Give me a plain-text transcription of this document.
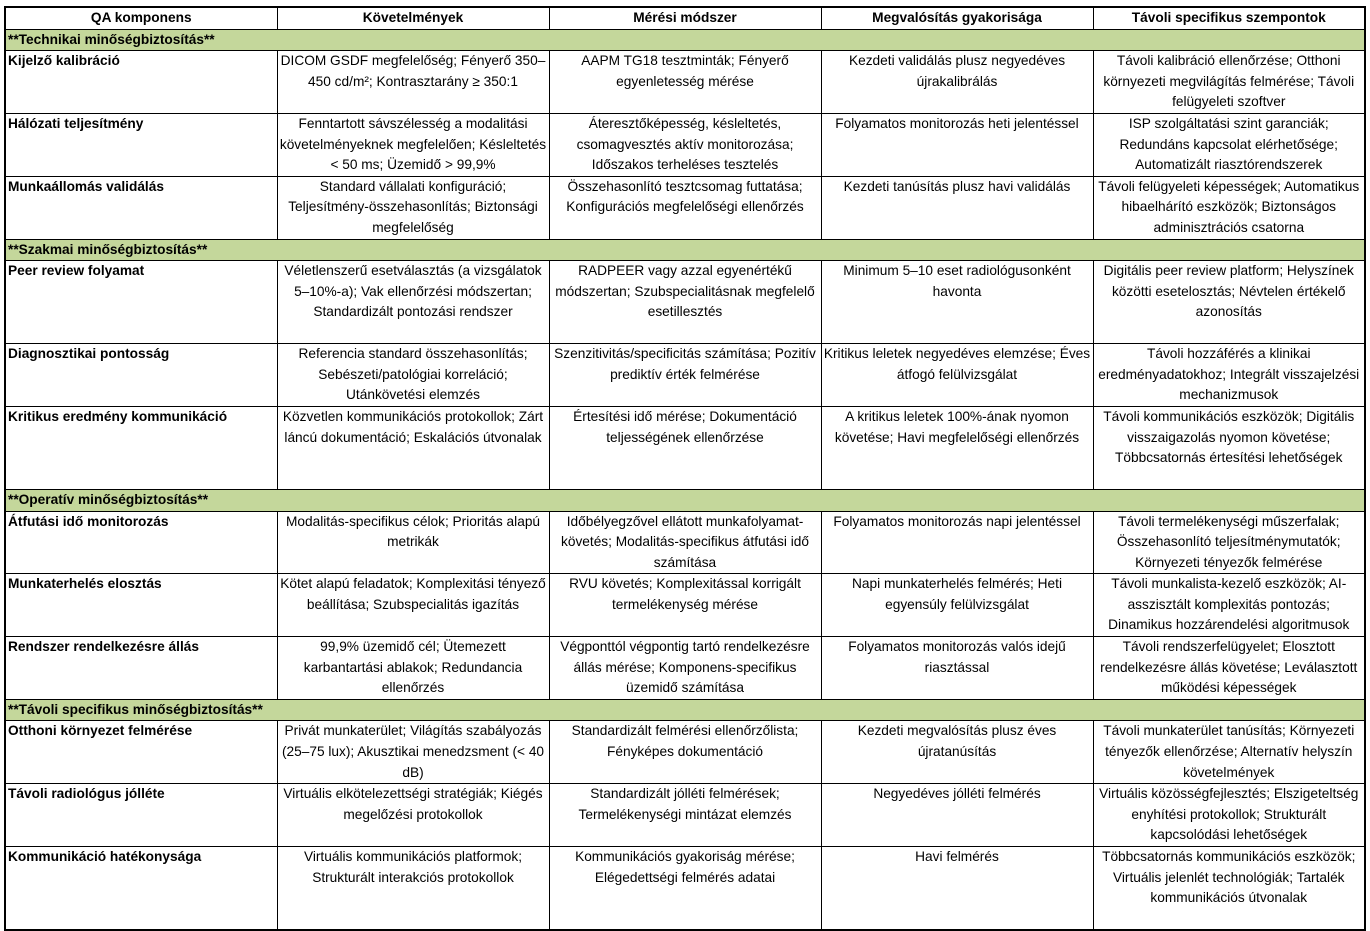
QA komponens	Követelmények	Mérési módszer	Megvalósítás gyakorisága	Távoli specifikus szempontok
**Technikai minőségbiztosítás**				
Kijelző kalibráció	DICOM GSDF megfelelőség; Fényerő 350–450 cd/m²; Kontrasztarány ≥ 350:1	AAPM TG18 tesztminták; Fényerő egyenletesség mérése	Kezdeti validálás plusz negyedéves újrakalibrálás	Távoli kalibráció ellenőrzése; Otthoni környezeti megvilágítás felmérése; Távoli felügyeleti szoftver
Hálózati teljesítmény	Fenntartott sávszélesség a modalitási követelményeknek megfelelően; Késleltetés < 50 ms; Üzemidő > 99,9%	Áteresztőképesség, késleltetés, csomagvesztés aktív monitorozása; Időszakos terheléses tesztelés	Folyamatos monitorozás heti jelentéssel	ISP szolgáltatási szint garanciák; Redundáns kapcsolat elérhetősége; Automatizált riasztórendszerek
Munkaállomás validálás	Standard vállalati konfiguráció; Teljesítmény-összehasonlítás; Biztonsági megfelelőség	Összehasonlító tesztcsomag futtatása; Konfigurációs megfelelőségi ellenőrzés	Kezdeti tanúsítás plusz havi validálás	Távoli felügyeleti képességek; Automatikus hibaelhárító eszközök; Biztonságos adminisztrációs csatorna
**Szakmai minőségbiztosítás**				
Peer review folyamat	Véletlenszerű esetválasztás (a vizsgálatok 5–10%-a); Vak ellenőrzési módszertan; Standardizált pontozási rendszer	RADPEER vagy azzal egyenértékű módszertan; Szubspecialitásnak megfelelő esetillesztés	Minimum 5–10 eset radiológusonként havonta	Digitális peer review platform; Helyszínek közötti esetelosztás; Névtelen értékelő azonosítás
Diagnosztikai pontosság	Referencia standard összehasonlítás; Sebészeti/patológiai korreláció; Utánkövetési elemzés	Szenzitivitás/specificitás számítása; Pozitív prediktív érték felmérése	Kritikus leletek negyedéves elemzése; Éves átfogó felülvizsgálat	Távoli hozzáférés a klinikai eredményadatokhoz; Integrált visszajelzési mechanizmusok
Kritikus eredmény kommunikáció	Közvetlen kommunikációs protokollok; Zárt láncú dokumentáció; Eskalációs útvonalak	Értesítési idő mérése; Dokumentáció teljességének ellenőrzése	A kritikus leletek 100%-ának nyomon követése; Havi megfelelőségi ellenőrzés	Távoli kommunikációs eszközök; Digitális visszaigazolás nyomon követése; Többcsatornás értesítési lehetőségek
**Operatív minőségbiztosítás**				
Átfutási idő monitorozás	Modalitás-specifikus célok; Prioritás alapú metrikák	Időbélyegzővel ellátott munkafolyamat-követés; Modalitás-specifikus átfutási idő számítása	Folyamatos monitorozás napi jelentéssel	Távoli termelékenységi műszerfalak; Összehasonlító teljesítménymutatók; Környezeti tényezők felmérése
Munkaterhelés elosztás	Kötet alapú feladatok; Komplexitási tényező beállítása; Szubspecialitás igazítás	RVU követés; Komplexitással korrigált termelékenység mérése	Napi munkaterhelés felmérés; Heti egyensúly felülvizsgálat	Távoli munkalista-kezelő eszközök; AI-asszisztált komplexitás pontozás; Dinamikus hozzárendelési algoritmusok
Rendszer rendelkezésre állás	99,9% üzemidő cél; Ütemezett karbantartási ablakok; Redundancia ellenőrzés	Végponttól végpontig tartó rendelkezésre állás mérése; Komponens-specifikus üzemidő számítása	Folyamatos monitorozás valós idejű riasztással	Távoli rendszerfelügyelet; Elosztott rendelkezésre állás követése; Leválasztott működési képességek
**Távoli specifikus minőségbiztosítás**				
Otthoni környezet felmérése	Privát munkaterület; Világítás szabályozás (25–75 lux); Akusztikai menedzsment (< 40 dB)	Standardizált felmérési ellenőrzőlista; Fényképes dokumentáció	Kezdeti megvalósítás plusz éves újratanúsítás	Távoli munkaterület tanúsítás; Környezeti tényezők ellenőrzése; Alternatív helyszín követelmények
Távoli radiológus jólléte	Virtuális elkötelezettségi stratégiák; Kiégés megelőzési protokollok	Standardizált jólléti felmérések; Termelékenységi mintázat elemzés	Negyedéves jólléti felmérés	Virtuális közösségfejlesztés; Elszigeteltség enyhítési protokollok; Strukturált kapcsolódási lehetőségek
Kommunikáció hatékonysága	Virtuális kommunikációs platformok; Strukturált interakciós protokollok	Kommunikációs gyakoriság mérése; Elégedettségi felmérés adatai	Havi felmérés	Többcsatornás kommunikációs eszközök; Virtuális jelenlét technológiák; Tartalék kommunikációs útvonalak
